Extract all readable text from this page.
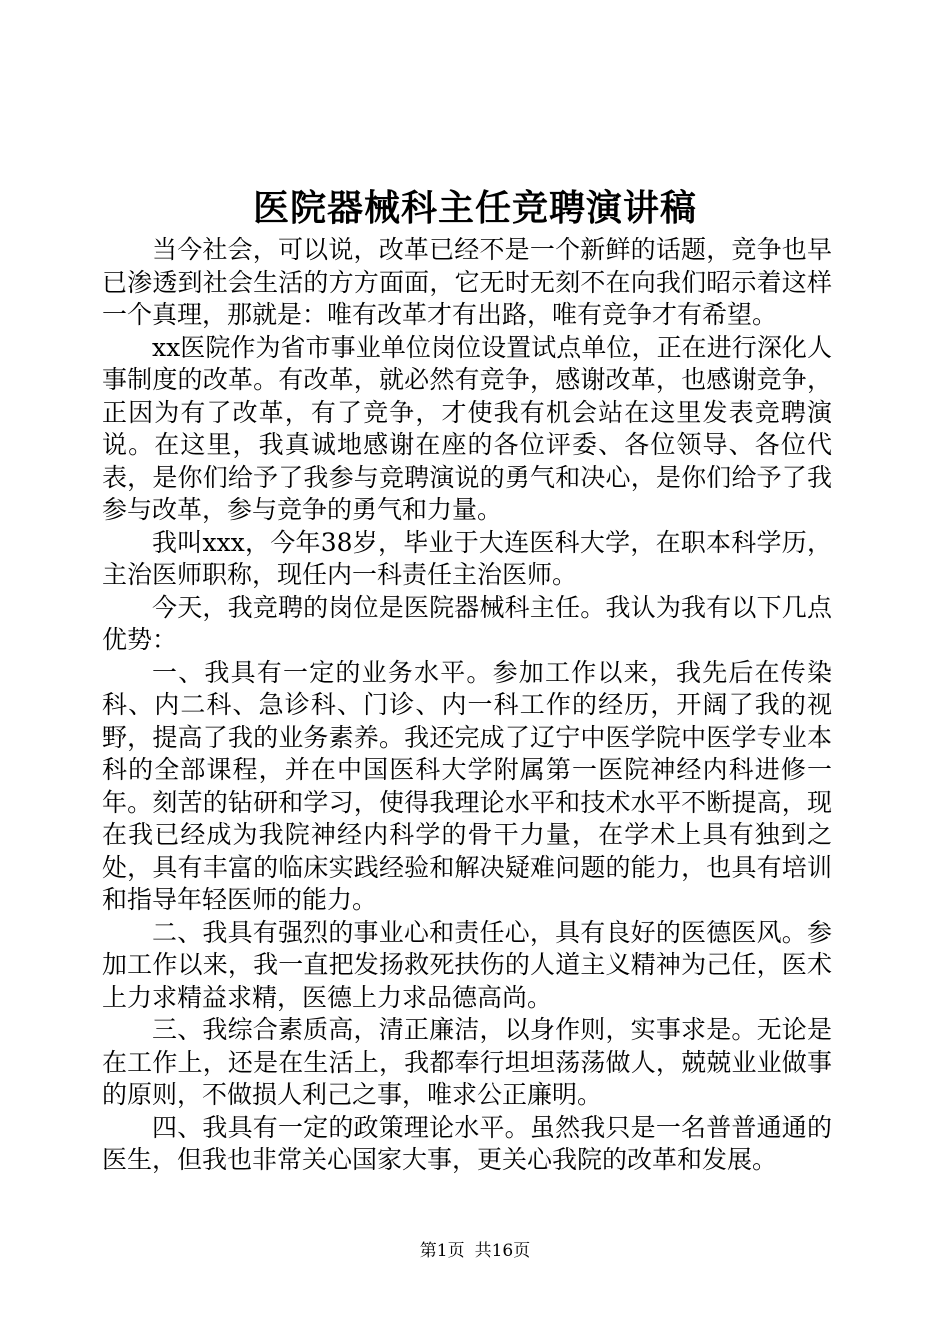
医院器械科主任竞聘演讲稿

当今社会，可以说，改革已经不是一个新鲜的话题，竞争也早已渗透到社会生活的方方面面，它无时无刻不在向我们昭示着这样一个真理，那就是：唯有改革才有出路，唯有竞争才有希望。

xx医院作为省市事业单位岗位设置试点单位，正在进行深化人事制度的改革。有改革，就必然有竞争，感谢改革，也感谢竞争，正因为有了改革，有了竞争，才使我有机会站在这里发表竞聘演说。在这里，我真诚地感谢在座的各位评委、各位领导、各位代表，是你们给予了我参与竞聘演说的勇气和决心，是你们给予了我参与改革，参与竞争的勇气和力量。

我叫xxx，今年38岁，毕业于大连医科大学，在职本科学历，主治医师职称，现任内一科责任主治医师。

今天，我竞聘的岗位是医院器械科主任。我认为我有以下几点优势：

一、我具有一定的业务水平。参加工作以来，我先后在传染科、内二科、急诊科、门诊、内一科工作的经历，开阔了我的视野，提高了我的业务素养。我还完成了辽宁中医学院中医学专业本科的全部课程，并在中国医科大学附属第一医院神经内科进修一年。刻苦的钻研和学习，使得我理论水平和技术水平不断提高，现在我已经成为我院神经内科学的骨干力量，在学术上具有独到之处，具有丰富的临床实践经验和解决疑难问题的能力，也具有培训和指导年轻医师的能力。

二、我具有强烈的事业心和责任心，具有良好的医德医风。参加工作以来，我一直把发扬救死扶伤的人道主义精神为己任，医术上力求精益求精，医德上力求品德高尚。

三、我综合素质高，清正廉洁，以身作则，实事求是。无论是在工作上，还是在生活上，我都奉行坦坦荡荡做人，兢兢业业做事的原则，不做损人利己之事，唯求公正廉明。

四、我具有一定的政策理论水平。虽然我只是一名普普通通的医生，但我也非常关心国家大事，更关心我院的改革和发展。

第1页 共16页
